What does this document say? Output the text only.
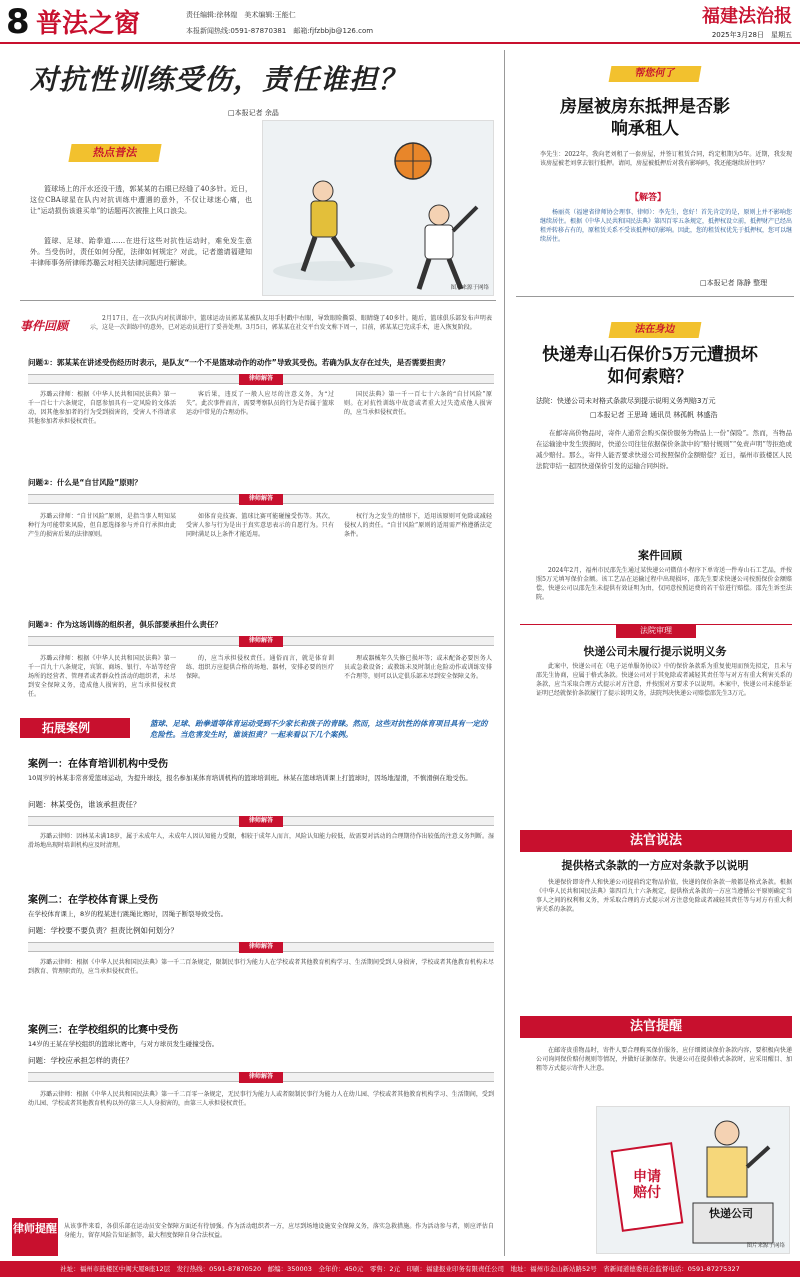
8 普法之窗	责任编辑:徐林煌　美术编辑:王能仁
本报新闻热线:0591-87870381　邮箱:fjfzbbjb@126.com
福建法治报
2025年3月28日　星期五
对抗性训练受伤，责任谁担？
□本报记者 余晶
热点普法
篮球场上的汗水还没干透，郭某某的右眼已经缝了40多针。近日，这位CBA球星在队内对抗训练中遭遇的意外，不仅让球迷心痛，也让“运动损伤该谁买单”的话题再次被推上风口浪尖。
篮球、足球、跆拳道……在进行这些对抗性运动时，难免发生意外。当受伤时，责任如何分配，法律如何规定？对此，记者邀请福建知丰律师事务所律师苏璐云对相关法律问题进行解读。
图片来源于网络
事件回顾
2月17日，在一次队内对抗训练中，篮球运动员郭某某被队友用手肘戳中右眼，导致眼睑撕裂、眼睛缝了40多针。随后，篮球俱乐部发布声明表示，这是一次训练中的意外，已对运动员进行了妥善处理。3月5日，郭某某在社交平台发文称下周一，目前，郭某某已完成手术，进入恢复阶段。
问题①：郭某某在讲述受伤经历时表示，是队友“一个不是篮球动作的动作”导致其受伤。若确为队友存在过失，是否需要担责？
律师解答
苏璐云律师：根据《中华人民共和国民法典》第一千一百七十六条规定，自愿参加具有一定风险的文体活动，因其他参加者的行为受到损害的，受害人不得请求其他参加者承担侵权责任。
客后果，违反了一般人应尽的注意义务，为“过失”。此次事件而言，需要考察队员的行为是否属于篮球运动中常见的合理动作。
国民法典》第一千一百七十六条的“自甘风险”原则。在对抗性训练中故意或者重大过失造成他人损害的，应当承担侵权责任。
问题②：什么是“自甘风险”原则？
律师解答
苏璐云律师：“自甘风险”原则，是指当事人明知某种行为可能带来风险，但自愿选择参与并自行承担由此产生的损害后果的法律原则。
如体育竞技赛、篮球比赛可能碰撞受伤等。其次，受害人参与行为是出于真实意思表示的自愿行为。只有同时满足以上条件才能适用。
权行为之发生的情形下，适用该原则可免除或减轻侵权人的责任。“自甘风险”原则的适用需严格遵循法定条件。
问题③：作为这场训练的组织者，俱乐部要承担什么责任？
律师解答
苏璐云律师：根据《中华人民共和国民法典》第一千一百九十八条规定，宾馆、商场、银行、车站等经营场所的经营者、管理者或者群众性活动的组织者，未尽到安全保障义务，造成他人损害的，应当承担侵权责任。
的，应当承担侵权责任。通俗而言，就是体育训练、组织方应提供合格的场地、器材，安排必要的医疗保障。
理或器械年久失修已损坏等；或未配备必要医务人员或急救设备；或教练未及时制止危险动作或训练安排不合理等，则可以认定俱乐部未尽到安全保障义务。
拓展案例	篮球、足球、跆拳道等体育运动受到不少家长和孩子的青睐。然而，这些对抗性的体育项目具有一定的危险性。当危害发生时，谁该担责？一起来看以下几个案例。
案例一：在体育培训机构中受伤
10周岁的林某非常喜爱篮球运动，为提升球技，报名参加某体育培训机构的篮球培训班。林某在篮球培训课上打篮球时，因场地湿滑，不慎滑倒在地受伤。
问题：林某受伤，谁该承担责任？
律师解答
苏璐云律师：因林某未满18岁，属于未成年人，未成年人因认知能力受限，相较于成年人而言，风险认知能力较低，故需要对活动的合理期待作出较低的注意义务判断。湿滑场地出现时培训机构应及时清理。
案例二：在学校体育课上受伤
在学校体育课上，8岁的程某进行跳绳比赛时，因绳子断裂导致受伤。
问题：学校要不要负责？担责比例如何划分？
律师解答
苏璐云律师：根据《中华人民共和国民法典》第一千二百条规定，限制民事行为能力人在学校或者其他教育机构学习、生活期间受到人身损害，学校或者其他教育机构未尽到教育、管理职责的，应当承担侵权责任。
案例三：在学校组织的比赛中受伤
14岁的王某在学校组织的篮球比赛中，与对方球员发生碰撞受伤。
问题：学校应承担怎样的责任？
律师解答
苏璐云律师：根据《中华人民共和国民法典》第一千二百零一条规定，无民事行为能力人或者限制民事行为能力人在幼儿园、学校或者其他教育机构学习、生活期间，受到幼儿园、学校或者其他教育机构以外的第三人人身损害的，由第三人承担侵权责任。
律师提醒 从该事件来看，各俱乐部在运动员安全保障方面还有待加强。作为活动组织者一方，应尽到场地设施安全保障义务，落实急救措施。作为活动参与者，则应评估自身能力，留存风险告知证据等，最大程度保障自身合法权益。
帮您何了
房屋被房东抵押是否影响承租人
李先生：2022年，我向老刘租了一套房屋，并签订租赁合同，约定租期为5年。近期，我发现该房屋被老刘拿去银行抵押。请问，房屋被抵押后对我有影响吗，我还能继续居住吗？
【解答】
杨丽英（福建省律师协会理事、律师）：李先生，您好！首先肯定的是，原则上并不影响您继续居住。根据《中华人民共和国民法典》第四百零五条规定，抵押权设立前，抵押财产已经出租并转移占有的，原租赁关系不受该抵押权的影响。因此，您的租赁权优先于抵押权，您可以继续居住。
□本报记者 陈静 整理
法在身边
快递寿山石保价5万元遭损坏如何索赔？
法院：快递公司未对格式条款尽到提示说明义务判赔3万元
□本报记者 王思琦 通讯员 林孤帆 林盛浩
在邮寄高价物品时，寄件人通常会购买保价服务为物品上一份“保险”。然而，当物品在运输途中发生毁损时，快递公司往往依据保价条款中的“赔付规则”“免责声明”等拒绝或减少赔付。那么，寄件人能否要求快递公司按照保价金额赔偿？近日，福州市鼓楼区人民法院审结一起因快递保价引发的运输合同纠纷。
案件回顾
2024年2月，福州市民邵先生通过某快递公司微信小程序下单寄送一件寿山石工艺品，并按照5万元填写保价金额。该工艺品在运输过程中出现损坏，邵先生要求快递公司按照保价金额赔偿，快递公司以邵先生未提供有效证明为由，仅同意按照运费的若干倍进行赔偿。邵先生诉至法院。
法院审理
快递公司未履行提示说明义务
此案中，快递公司在《电子运单服务协议》中的保价条款系为重复使用而预先拟定，且未与邵先生协商，应属于格式条款。快递公司对于其免除或者减轻其责任等与对方有重大利害关系的条款，应当采取合理方式提示对方注意，并按照对方要求予以说明。本案中，快递公司未能举证证明已经就保价条款履行了提示说明义务，法院判决快递公司赔偿邵先生3万元。
法官说法
提供格式条款的一方应对条款予以说明
快递保价即寄件人和快递公司提前约定物品价值，快递的保价条款一般都是格式条款。根据《中华人民共和国民法典》第四百九十六条规定，提供格式条款的一方应当遵循公平原则确定当事人之间的权利和义务，并采取合理的方式提示对方注意免除或者减轻其责任等与对方有重大利害关系的条款。
法官提醒
在邮寄贵重物品时，寄件人要合理购买保价服务，应仔细阅读保价条款内容，要积极向快递公司询问保价赔付规则等情况，并做好证据保存。快递公司在提供格式条款时，应采用醒目、加粗等方式提示寄件人注意。
申请赔付
快递公司
图片来源于网络
社址：福州市鼓楼区中闽大厦8座12层　发行热线：0591-87870520　邮编：350003　全年价：450元　零售：2元　印刷：福建报业印务有限责任公司　地址：福州市金山新站路52号　省新闻道德委员会监督电话：0591-87275327
